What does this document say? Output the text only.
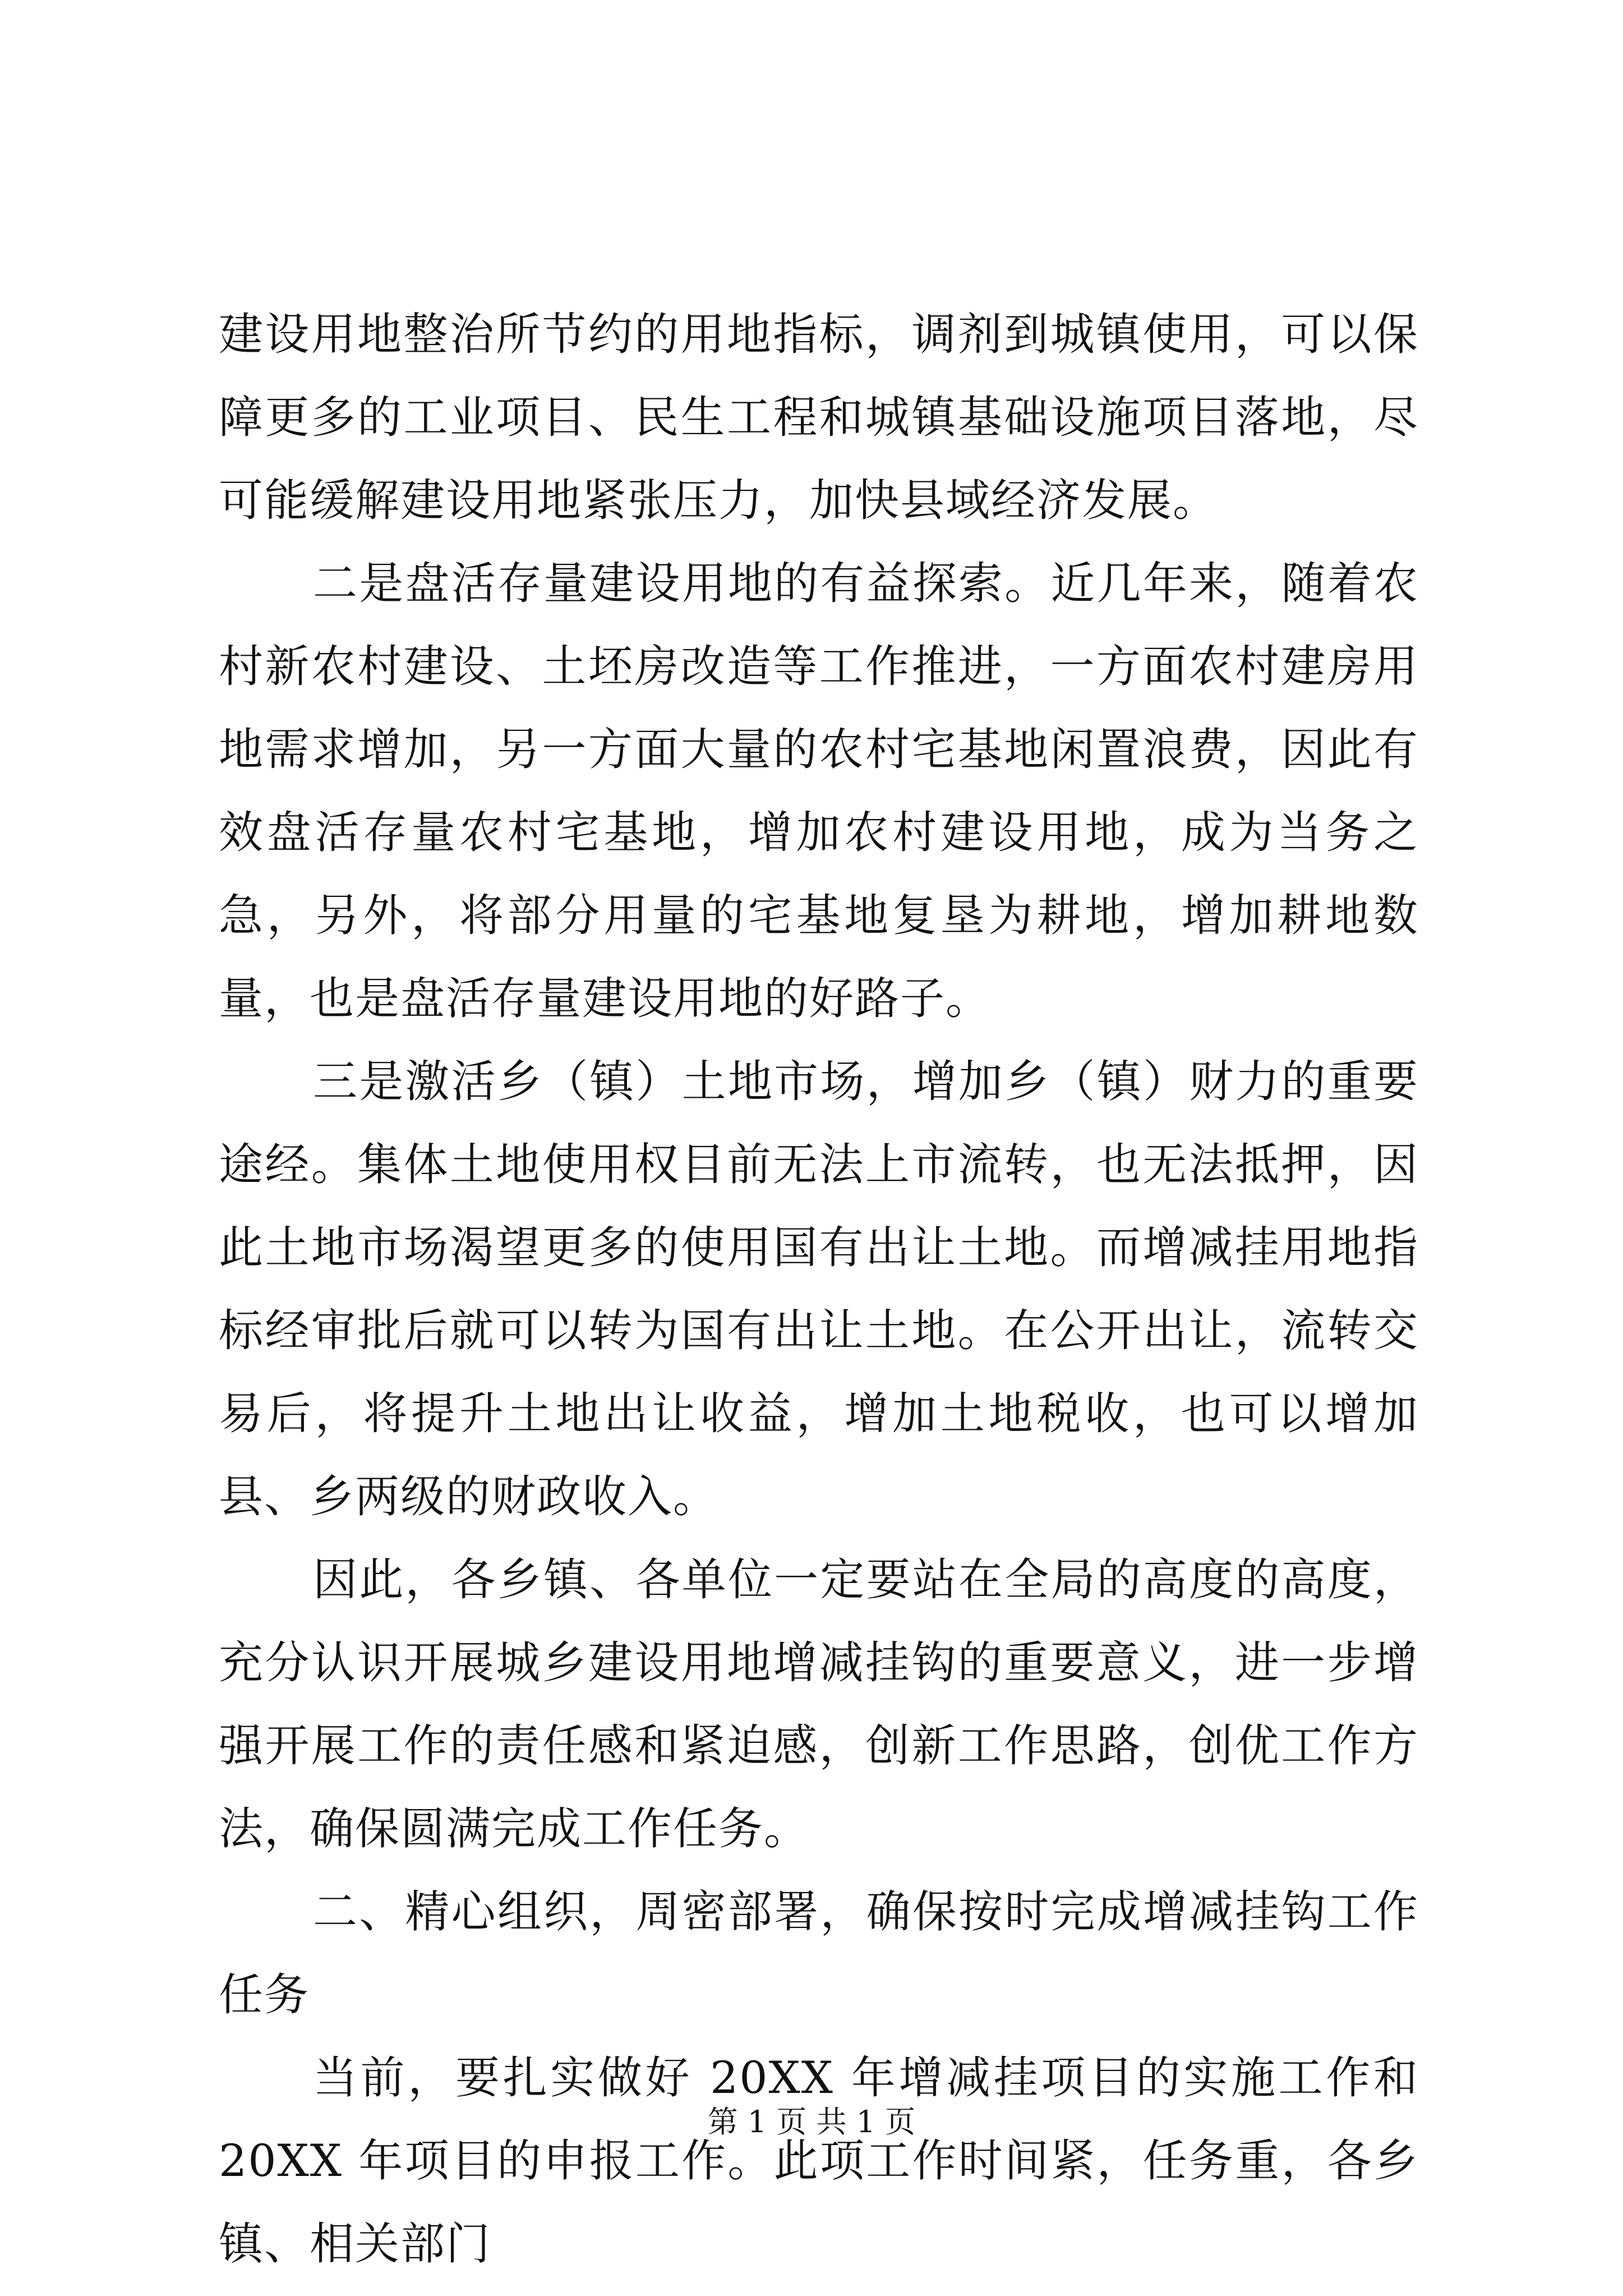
建设用地整治所节约的用地指标，调剂到城镇使用，可以保障更多的工业项目、民生工程和城镇基础设施项目落地，尽可能缓解建设用地紧张压力，加快县域经济发展。

二是盘活存量建设用地的有益探索。近几年来，随着农村新农村建设、土坯房改造等工作推进，一方面农村建房用地需求增加，另一方面大量的农村宅基地闲置浪费，因此有效盘活存量农村宅基地，增加农村建设用地，成为当务之急，另外，将部分用量的宅基地复垦为耕地，增加耕地数量，也是盘活存量建设用地的好路子。

三是激活乡（镇）土地市场，增加乡（镇）财力的重要途经。集体土地使用权目前无法上市流转，也无法抵押，因此土地市场渴望更多的使用国有出让土地。而增减挂用地指标经审批后就可以转为国有出让土地。在公开出让，流转交易后，将提升土地出让收益，增加土地税收，也可以增加县、乡两级的财政收入。

因此，各乡镇、各单位一定要站在全局的高度的高度，充分认识开展城乡建设用地增减挂钩的重要意义，进一步增强开展工作的责任感和紧迫感，创新工作思路，创优工作方法，确保圆满完成工作任务。

二、精心组织，周密部署，确保按时完成增减挂钩工作任务

当前，要扎实做好 20XX 年增减挂项目的实施工作和 20XX 年项目的申报工作。此项工作时间紧，任务重，各乡镇、相关部门

第 1 页 共 1 页
